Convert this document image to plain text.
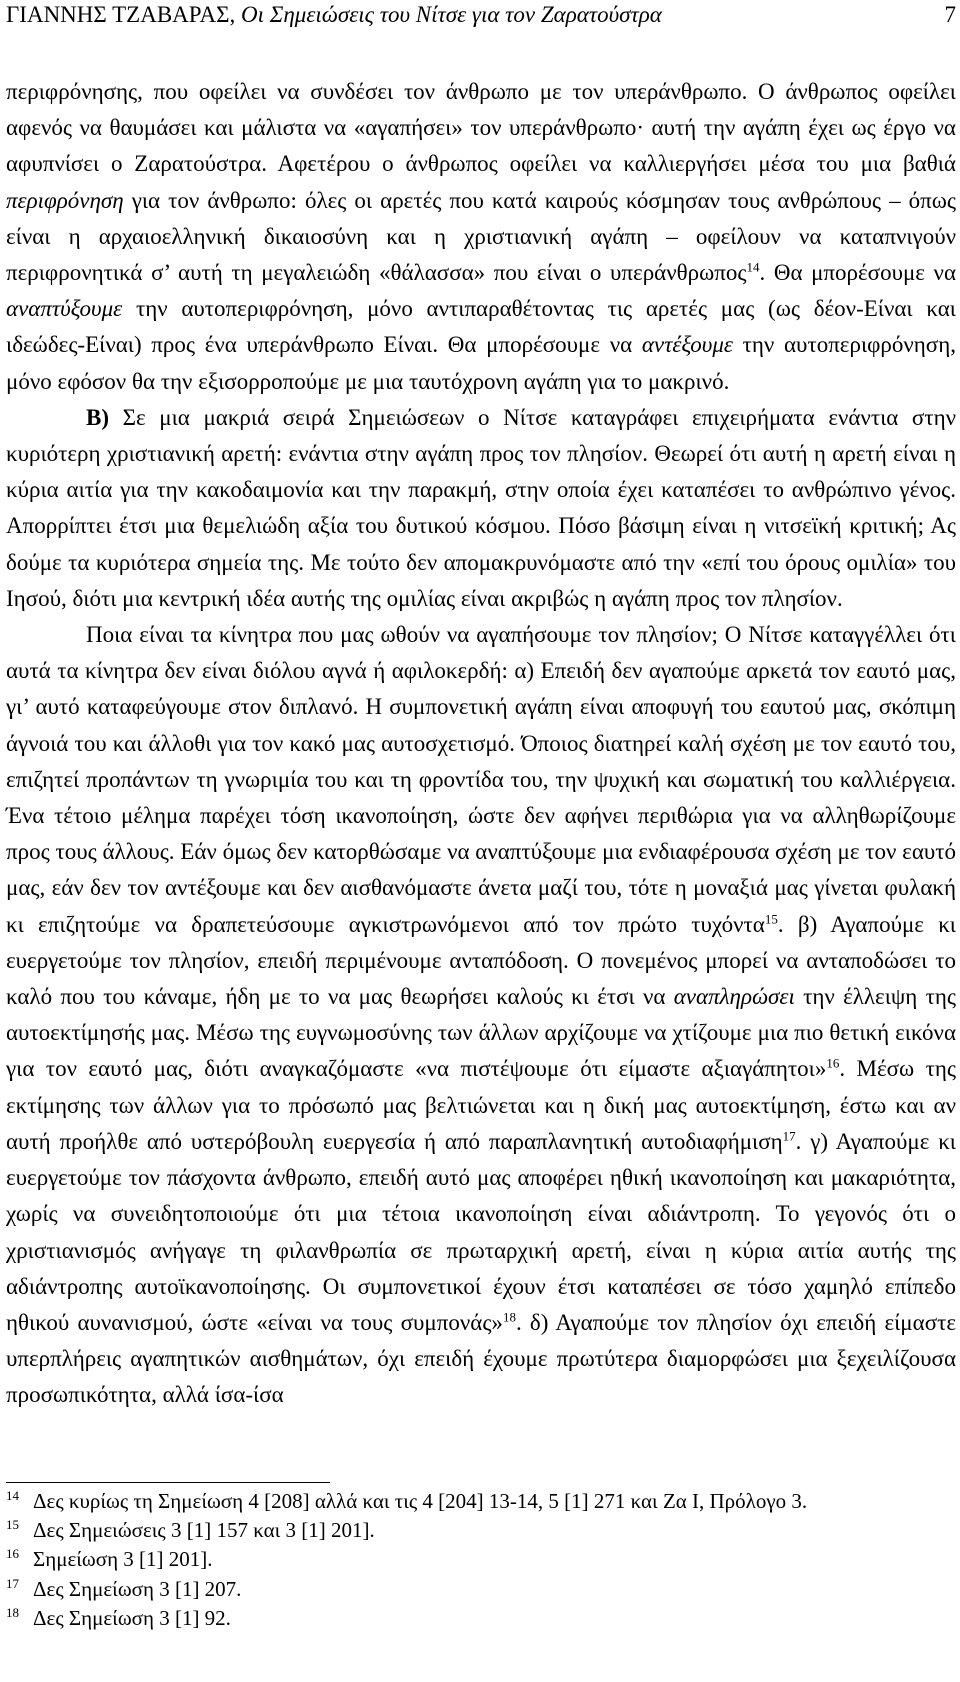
ΓΙΑΝΝΗΣ ΤΖΑΒΑΡΑΣ, Οι Σημειώσεις του Νίτσε για τον Ζαρατούστρα	7

περιφρόνησης, που οφείλει να συνδέσει τον άνθρωπο με τον υπεράνθρωπο. Ο άνθρωπος οφείλει αφενός να θαυμάσει και μάλιστα να «αγαπήσει» τον υπεράνθρωπο· αυτή την αγάπη έχει ως έργο να αφυπνίσει ο Ζαρατούστρα. Αφετέρου ο άνθρωπος οφείλει να καλλιεργήσει μέσα του μια βαθιά περιφρόνηση για τον άνθρωπο: όλες οι αρετές που κατά καιρούς κόσμησαν τους ανθρώπους – όπως είναι η αρχαιοελληνική δικαιοσύνη και η χριστιανική αγάπη – οφείλουν να καταπνιγούν περιφρονητικά σ’ αυτή τη μεγαλειώδη «θάλασσα» που είναι ο υπεράνθρωπος$^{14}$. Θα μπορέσουμε να αναπτύξουμε την αυτοπεριφρόνηση, μόνο αντιπαραθέτοντας τις αρετές μας (ως δέον-Είναι και ιδεώδες-Είναι) προς ένα υπεράνθρωπο Είναι. Θα μπορέσουμε να αντέξουμε την αυτοπεριφρόνηση, μόνο εφόσον θα την εξισορροπούμε με μια ταυτόχρονη αγάπη για το μακρινό.

Β) Σε μια μακριά σειρά Σημειώσεων ο Νίτσε καταγράφει επιχειρήματα ενάντια στην κυριότερη χριστιανική αρετή: ενάντια στην αγάπη προς τον πλησίον. Θεωρεί ότι αυτή η αρετή είναι η κύρια αιτία για την κακοδαιμονία και την παρακμή, στην οποία έχει καταπέσει το ανθρώπινο γένος. Απορρίπτει έτσι μια θεμελιώδη αξία του δυτικού κόσμου. Πόσο βάσιμη είναι η νιτσεϊκή κριτική; Ας δούμε τα κυριότερα σημεία της. Με τούτο δεν απομακρυνόμαστε από την «επί του όρους ομιλία» του Ιησού, διότι μια κεντρική ιδέα αυτής της ομιλίας είναι ακριβώς η αγάπη προς τον πλησίον.

Ποια είναι τα κίνητρα που μας ωθούν να αγαπήσουμε τον πλησίον; Ο Νίτσε καταγγέλλει ότι αυτά τα κίνητρα δεν είναι διόλου αγνά ή αφιλοκερδή: α) Επειδή δεν αγαπούμε αρκετά τον εαυτό μας, γι’ αυτό καταφεύγουμε στον διπλανό. Η συμπονετική αγάπη είναι αποφυγή του εαυτού μας, σκόπιμη άγνοιά του και άλλοθι για τον κακό μας αυτοσχετισμό. Όποιος διατηρεί καλή σχέση με τον εαυτό του, επιζητεί προπάντων τη γνωριμία του και τη φροντίδα του, την ψυχική και σωματική του καλλιέργεια. Ένα τέτοιο μέλημα παρέχει τόση ικανοποίηση, ώστε δεν αφήνει περιθώρια για να αλληθωρίζουμε προς τους άλλους. Εάν όμως δεν κατορθώσαμε να αναπτύξουμε μια ενδιαφέρουσα σχέση με τον εαυτό μας, εάν δεν τον αντέξουμε και δεν αισθανόμαστε άνετα μαζί του, τότε η μοναξιά μας γίνεται φυλακή κι επιζητούμε να δραπετεύσουμε αγκιστρωνόμενοι από τον πρώτο τυχόντα$^{15}$. β) Αγαπούμε κι ευεργετούμε τον πλησίον, επειδή περιμένουμε ανταπόδοση. Ο πονεμένος μπορεί να ανταποδώσει το καλό που του κάναμε, ήδη με το να μας θεωρήσει καλούς κι έτσι να αναπληρώσει την έλλειψη της αυτοεκτίμησής μας. Μέσω της ευγνωμοσύνης των άλλων αρχίζουμε να χτίζουμε μια πιο θετική εικόνα για τον εαυτό μας, διότι αναγκαζόμαστε «να πιστέψουμε ότι είμαστε αξιαγάπητοι»$^{16}$. Μέσω της εκτίμησης των άλλων για το πρόσωπό μας βελτιώνεται και η δική μας αυτοεκτίμηση, έστω και αν αυτή προήλθε από υστερόβουλη ευεργεσία ή από παραπλανητική αυτοδιαφήμιση$^{17}$. γ) Αγαπούμε κι ευεργετούμε τον πάσχοντα άνθρωπο, επειδή αυτό μας αποφέρει ηθική ικανοποίηση και μακαριότητα, χωρίς να συνειδητοποιούμε ότι μια τέτοια ικανοποίηση είναι αδιάντροπη. Το γεγονός ότι ο χριστιανισμός ανήγαγε τη φιλανθρωπία σε πρωταρχική αρετή, είναι η κύρια αιτία αυτής της αδιάντροπης αυτοϊκανοποίησης. Οι συμπονετικοί έχουν έτσι καταπέσει σε τόσο χαμηλό επίπεδο ηθικού αυνανισμού, ώστε «είναι να τους συμπονάς»$^{18}$. δ) Αγαπούμε τον πλησίον όχι επειδή είμαστε υπερπλήρεις αγαπητικών αισθημάτων, όχι επειδή έχουμε πρωτύτερα διαμορφώσει μια ξεχειλίζουσα προσωπικότητα, αλλά ίσα-ίσα

14 Δες κυρίως τη Σημείωση 4 [208] αλλά και τις 4 [204] 13-14, 5 [1] 271 και Ζα Ι, Πρόλογο 3.
15 Δες Σημειώσεις 3 [1] 157 και 3 [1] 201].
16 Σημείωση 3 [1] 201].
17 Δες Σημείωση 3 [1] 207.
18 Δες Σημείωση 3 [1] 92.
